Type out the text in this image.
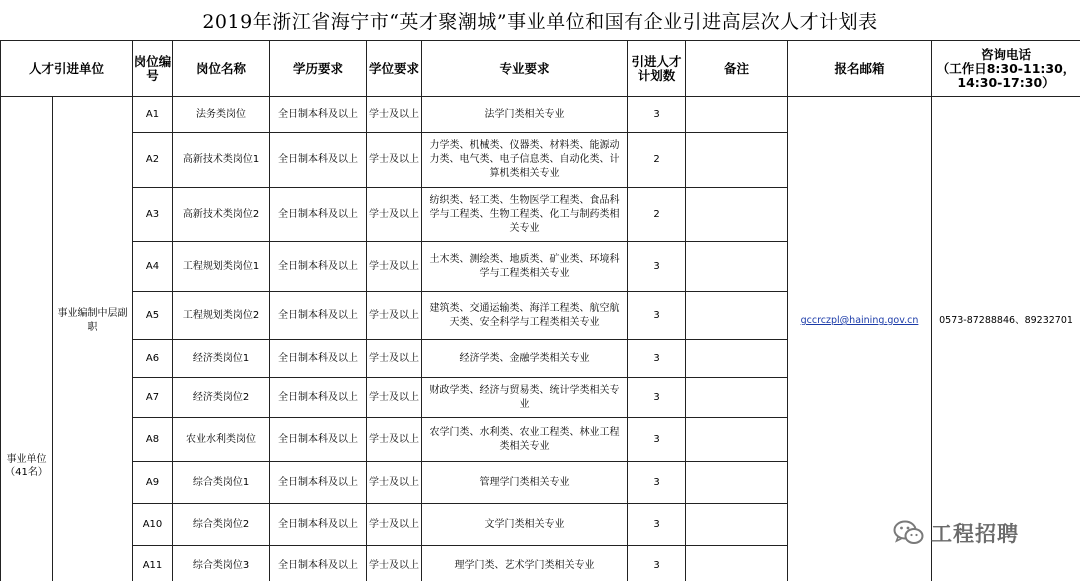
2019年浙江省海宁市“英才聚潮城”事业单位和国有企业引进高层次人才计划表
人才引进单位		岗位编号	岗位名称	学历要求	学位要求	专业要求	引进人才计划数	备注	报名邮箱	咨询电话
（工作日8:30-11:30，14:30-17:30）

事业单位（41名）	事业编制中层副职	A1	法务类岗位	全日制本科及以上	学士及以上	法学门类相关专业	3		gccrczpl@haining.gov.cn	0573-87288846、89232701
		A2	高新技术类岗位1	全日制本科及以上	学士及以上	力学类、机械类、仪器类、材料类、能源动力类、电气类、电子信息类、自动化类、计算机类相关专业	2			
		A3	高新技术类岗位2	全日制本科及以上	学士及以上	纺织类、轻工类、生物医学工程类、食品科学与工程类、生物工程类、化工与制药类相关专业	2			
		A4	工程规划类岗位1	全日制本科及以上	学士及以上	土木类、测绘类、地质类、矿业类、环境科学与工程类相关专业	3			
		A5	工程规划类岗位2	全日制本科及以上	学士及以上	建筑类、交通运输类、海洋工程类、航空航天类、安全科学与工程类相关专业	3			
		A6	经济类岗位1	全日制本科及以上	学士及以上	经济学类、金融学类相关专业	3			
		A7	经济类岗位2	全日制本科及以上	学士及以上	财政学类、经济与贸易类、统计学类相关专业	3			
		A8	农业水利类岗位	全日制本科及以上	学士及以上	农学门类、水利类、农业工程类、林业工程类相关专业	3			
		A9	综合类岗位1	全日制本科及以上	学士及以上	管理学门类相关专业	3			
		A10	综合类岗位2	全日制本科及以上	学士及以上	文学门类相关专业	3			
		A11	综合类岗位3	全日制本科及以上	学士及以上	理学门类、艺术学门类相关专业	3			
工程招聘
